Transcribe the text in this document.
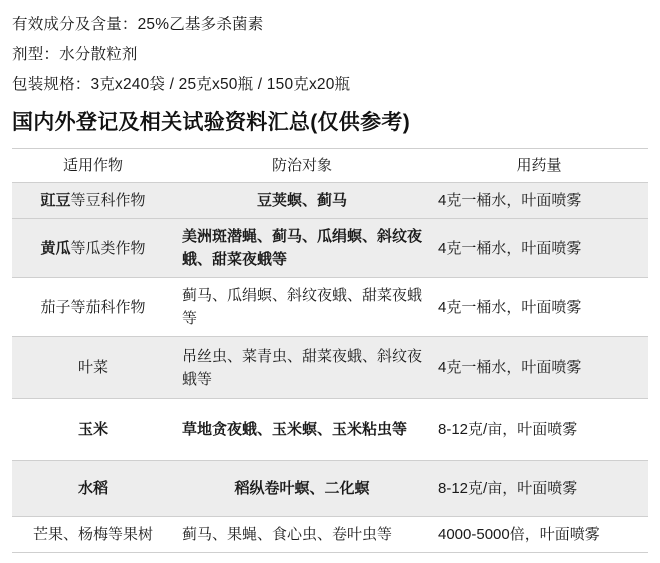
有效成分及含量：25%乙基多杀菌素
剂型：水分散粒剂
包装规格：3克x240袋 / 25克x50瓶 / 150克x20瓶
国内外登记及相关试验资料汇总(仅供参考)
适用作物	防治对象	用药量
豇豆等豆科作物	豆荚螟、蓟马	4克一桶水，叶面喷雾
黄瓜等瓜类作物	美洲斑潜蝇、蓟马、瓜绢螟、斜纹夜蛾、甜菜夜蛾等	4克一桶水，叶面喷雾
茄子等茄科作物	蓟马、瓜绢螟、斜纹夜蛾、甜菜夜蛾等	4克一桶水，叶面喷雾
叶菜	吊丝虫、菜青虫、甜菜夜蛾、斜纹夜蛾等	4克一桶水，叶面喷雾
玉米	草地贪夜蛾、玉米螟、玉米粘虫等	8-12克/亩，叶面喷雾
水稻	稻纵卷叶螟、二化螟	8-12克/亩，叶面喷雾
芒果、杨梅等果树	蓟马、果蝇、食心虫、卷叶虫等	4000-5000倍，叶面喷雾
